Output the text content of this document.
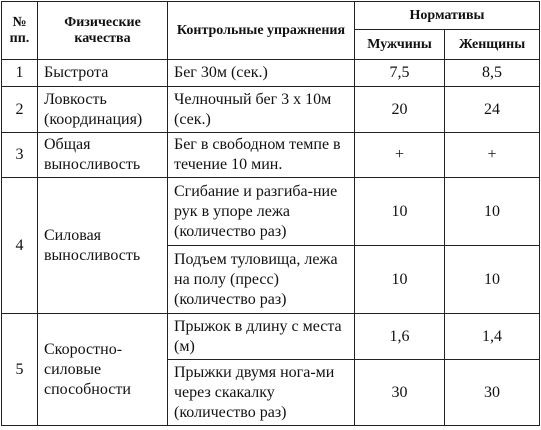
№ пп.	Физические качества	Контрольные упражнения	Нормативы	
			Мужчины	Женщины
1	Быстрота	Бег 30м (сек.)	7,5	8,5
2	Ловкость (координация)	Челночный бег 3 х 10м (сек.)	20	24
3	Общая выносливость	Бег в свободном темпе в течение 10 мин.	+	+
4	Силовая выносливость	Сгибание и разгиба-ние рук в упоре лежа (количество раз)	10	10
		Подъем туловища, лежа на полу (пресс) (количество раз)	10	10
5	Скоростно-силовые способности	Прыжок в длину с места (м)	1,6	1,4
		Прыжки двумя нога-ми через скакалку (количество раз)	30	30
